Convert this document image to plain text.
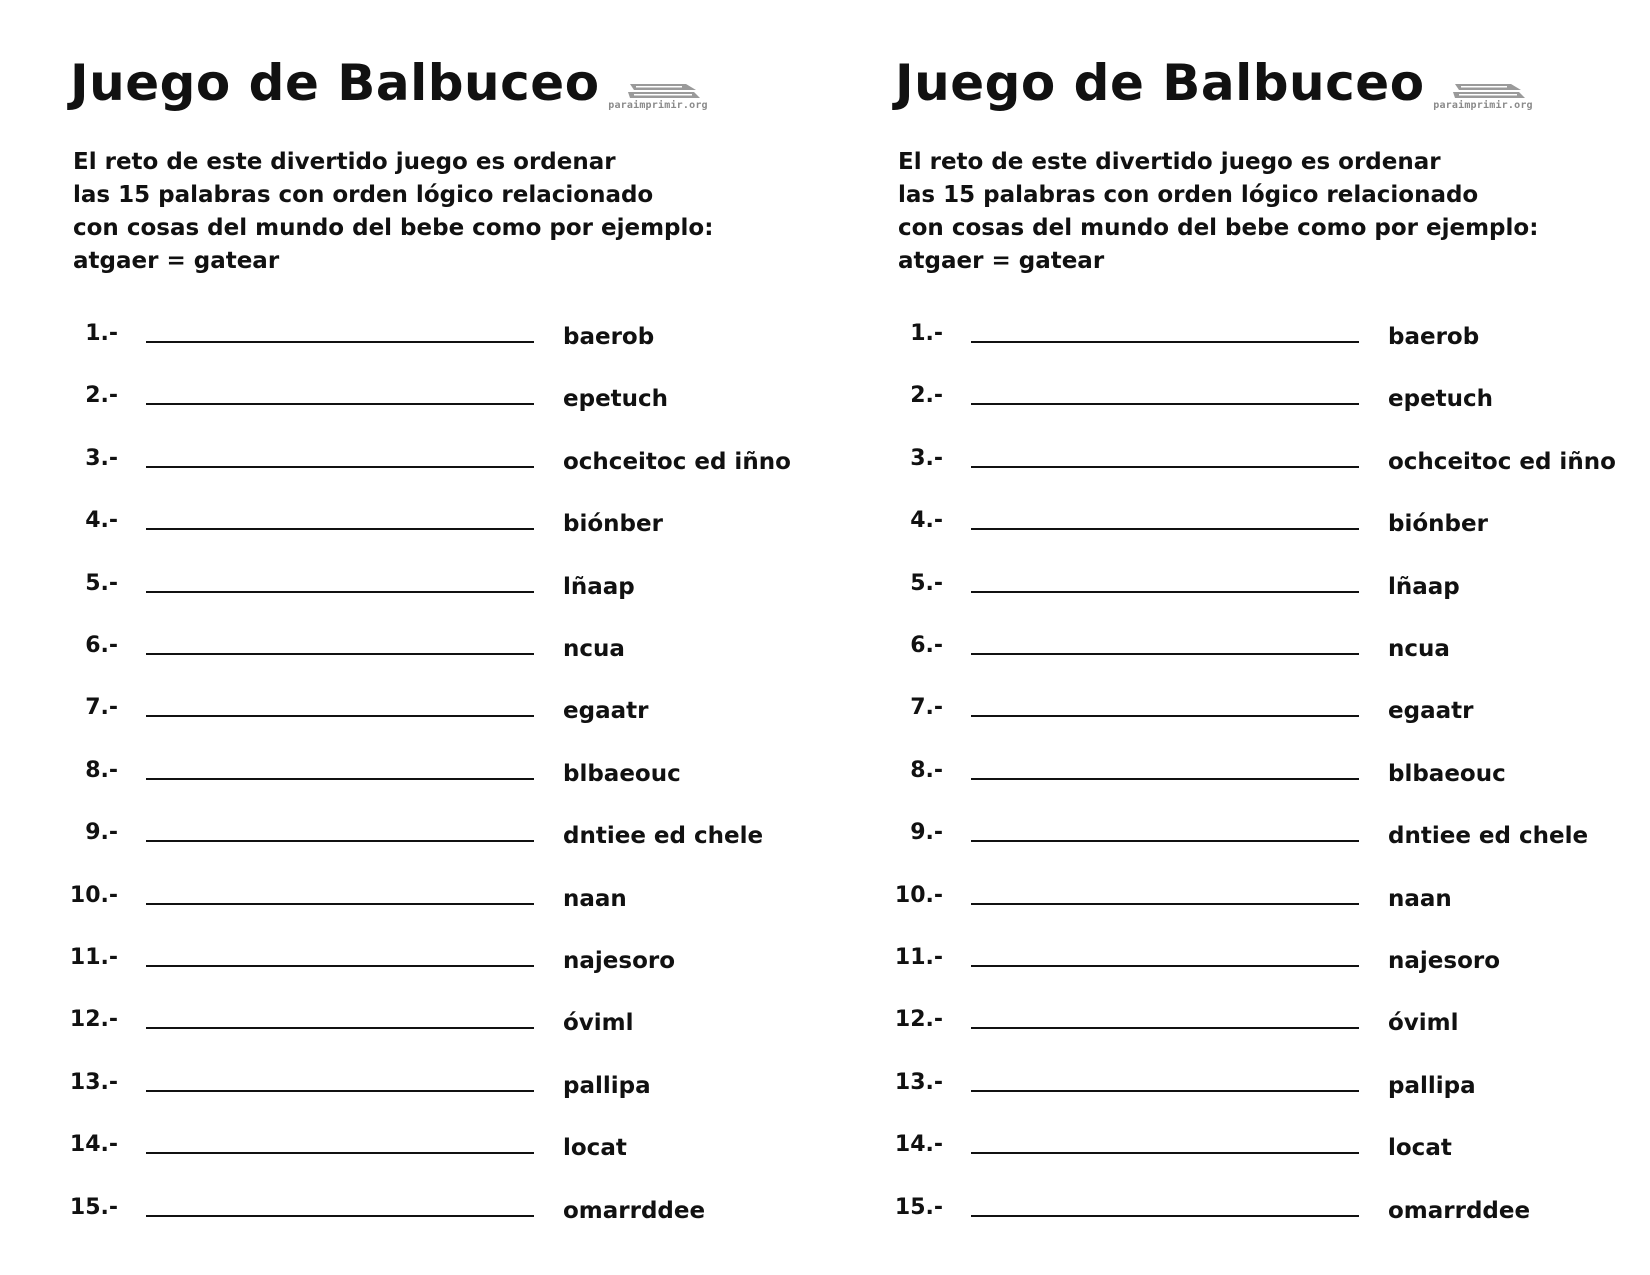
Juego de Balbuceo paraimprimir.org
El reto de este divertido juego es ordenar
las 15 palabras con orden lógico relacionado
con cosas del mundo del bebe como por ejemplo:
atgaer = gatear
1.-	baerob
2.-	epetuch
3.-	ochceitoc ed iñno
4.-	biónber
5.-	lñaap
6.-	ncua
7.-	egaatr
8.-	blbaeouc
9.-	dntiee ed chele
10.-	naan
11.-	najesoro
12.-	óviml
13.-	pallipa
14.-	locat
15.-	omarrddee
Juego de Balbuceo paraimprimir.org
El reto de este divertido juego es ordenar
las 15 palabras con orden lógico relacionado
con cosas del mundo del bebe como por ejemplo:
atgaer = gatear
1.-	baerob
2.-	epetuch
3.-	ochceitoc ed iñno
4.-	biónber
5.-	lñaap
6.-	ncua
7.-	egaatr
8.-	blbaeouc
9.-	dntiee ed chele
10.-	naan
11.-	najesoro
12.-	óviml
13.-	pallipa
14.-	locat
15.-	omarrddee
